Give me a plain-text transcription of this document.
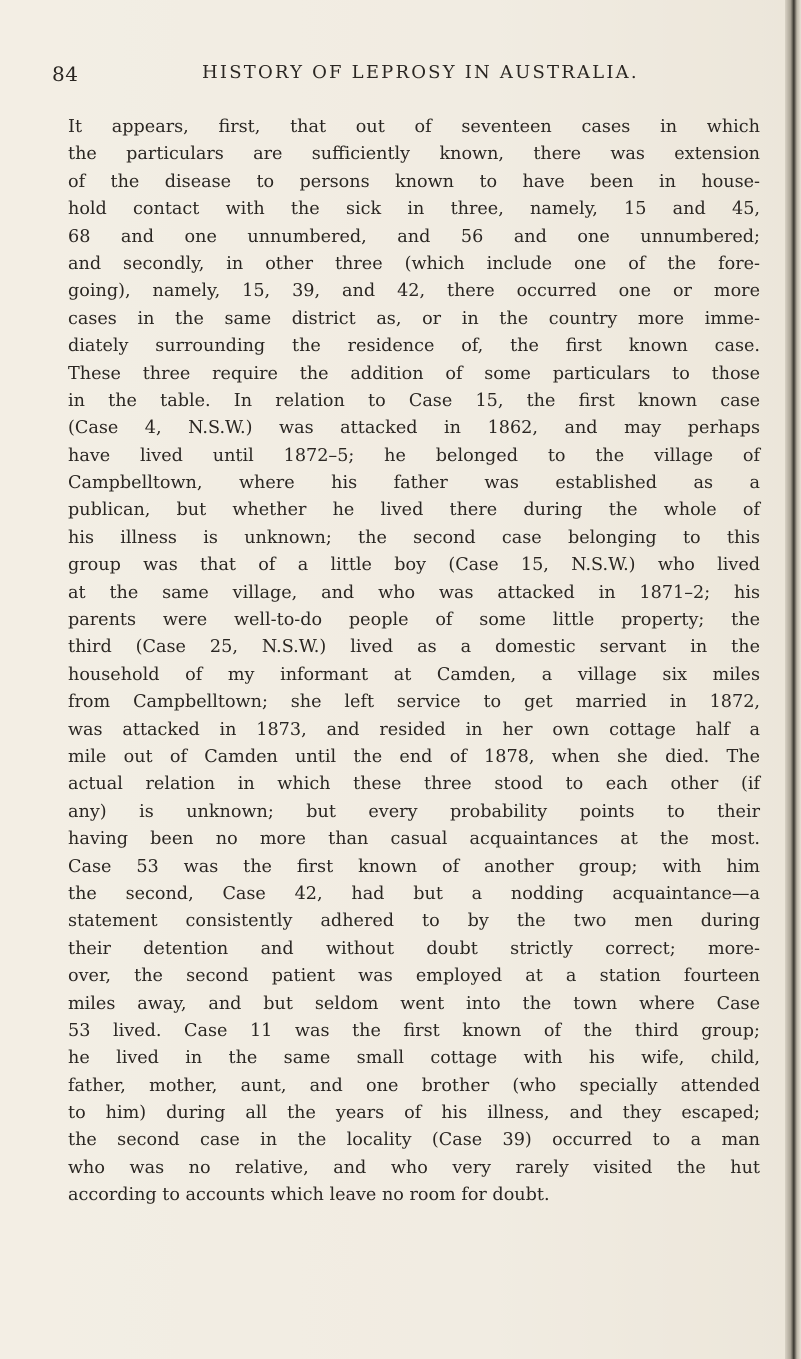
84	HISTORY OF LEPROSY IN AUSTRALIA.
It appears, first, that out of seventeen cases in which
the particulars are sufficiently known, there was extension
of the disease to persons known to have been in house-
hold contact with the sick in three, namely, 15 and 45,
68 and one unnumbered, and 56 and one unnumbered;
and secondly, in other three (which include one of the fore-
going), namely, 15, 39, and 42, there occurred one or more
cases in the same district as, or in the country more imme-
diately surrounding the residence of, the first known case.
These three require the addition of some particulars to those
in the table. In relation to Case 15, the first known case
(Case 4, N.S.W.) was attacked in 1862, and may perhaps
have lived until 1872–5; he belonged to the village of
Campbelltown, where his father was established as a
publican, but whether he lived there during the whole of
his illness is unknown; the second case belonging to this
group was that of a little boy (Case 15, N.S.W.) who lived
at the same village, and who was attacked in 1871–2; his
parents were well-to-do people of some little property; the
third (Case 25, N.S.W.) lived as a domestic servant in the
household of my informant at Camden, a village six miles
from Campbelltown; she left service to get married in 1872,
was attacked in 1873, and resided in her own cottage half a
mile out of Camden until the end of 1878, when she died. The
actual relation in which these three stood to each other (if
any) is unknown; but every probability points to their
having been no more than casual acquaintances at the most.
Case 53 was the first known of another group; with him
the second, Case 42, had but a nodding acquaintance—a
statement consistently adhered to by the two men during
their detention and without doubt strictly correct; more-
over, the second patient was employed at a station fourteen
miles away, and but seldom went into the town where Case
53 lived. Case 11 was the first known of the third group;
he lived in the same small cottage with his wife, child,
father, mother, aunt, and one brother (who specially attended
to him) during all the years of his illness, and they escaped;
the second case in the locality (Case 39) occurred to a man
who was no relative, and who very rarely visited the hut
according to accounts which leave no room for doubt.
